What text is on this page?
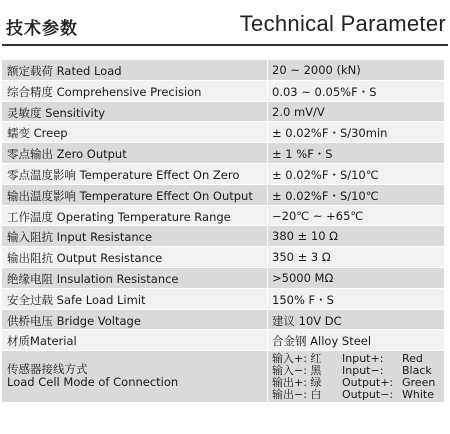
技术参数	Technical Parameter
额定载荷 Rated Load	20 ~ 2000 (kN)
综合精度 Comprehensive Precision	0.03 ~ 0.05%F・S
灵敏度 Sensitivity	2.0 mV/V
蠕变 Creep	± 0.02%F・S/30min
零点输出 Zero Output	± 1 %F・S
零点温度影响 Temperature Effect On Zero	± 0.02%F・S/10℃
输出温度影响 Temperature Effect On Output ± 0.02%F・S/10℃
工作温度 Operating Temperature Range	−20℃ ~ +65℃
输入阻抗 Input Resistance	380 ± 10 Ω
输出阻抗 Output Resistance	350 ± 3 Ω
绝缘电阻 Insulation Resistance	>5000 MΩ
安全过载 Safe Load Limit	150% F・S
供桥电压 Bridge Voltage	建议 10V DC
材质Material	合金钢 Alloy Steel
传感器接线方式
Load Cell Mode of Connection
输入+: 红	Input+:	Red
输入−: 黑	Input−:	Black
输出+: 绿	Output+: Green
输出−: 白	Output−: White
